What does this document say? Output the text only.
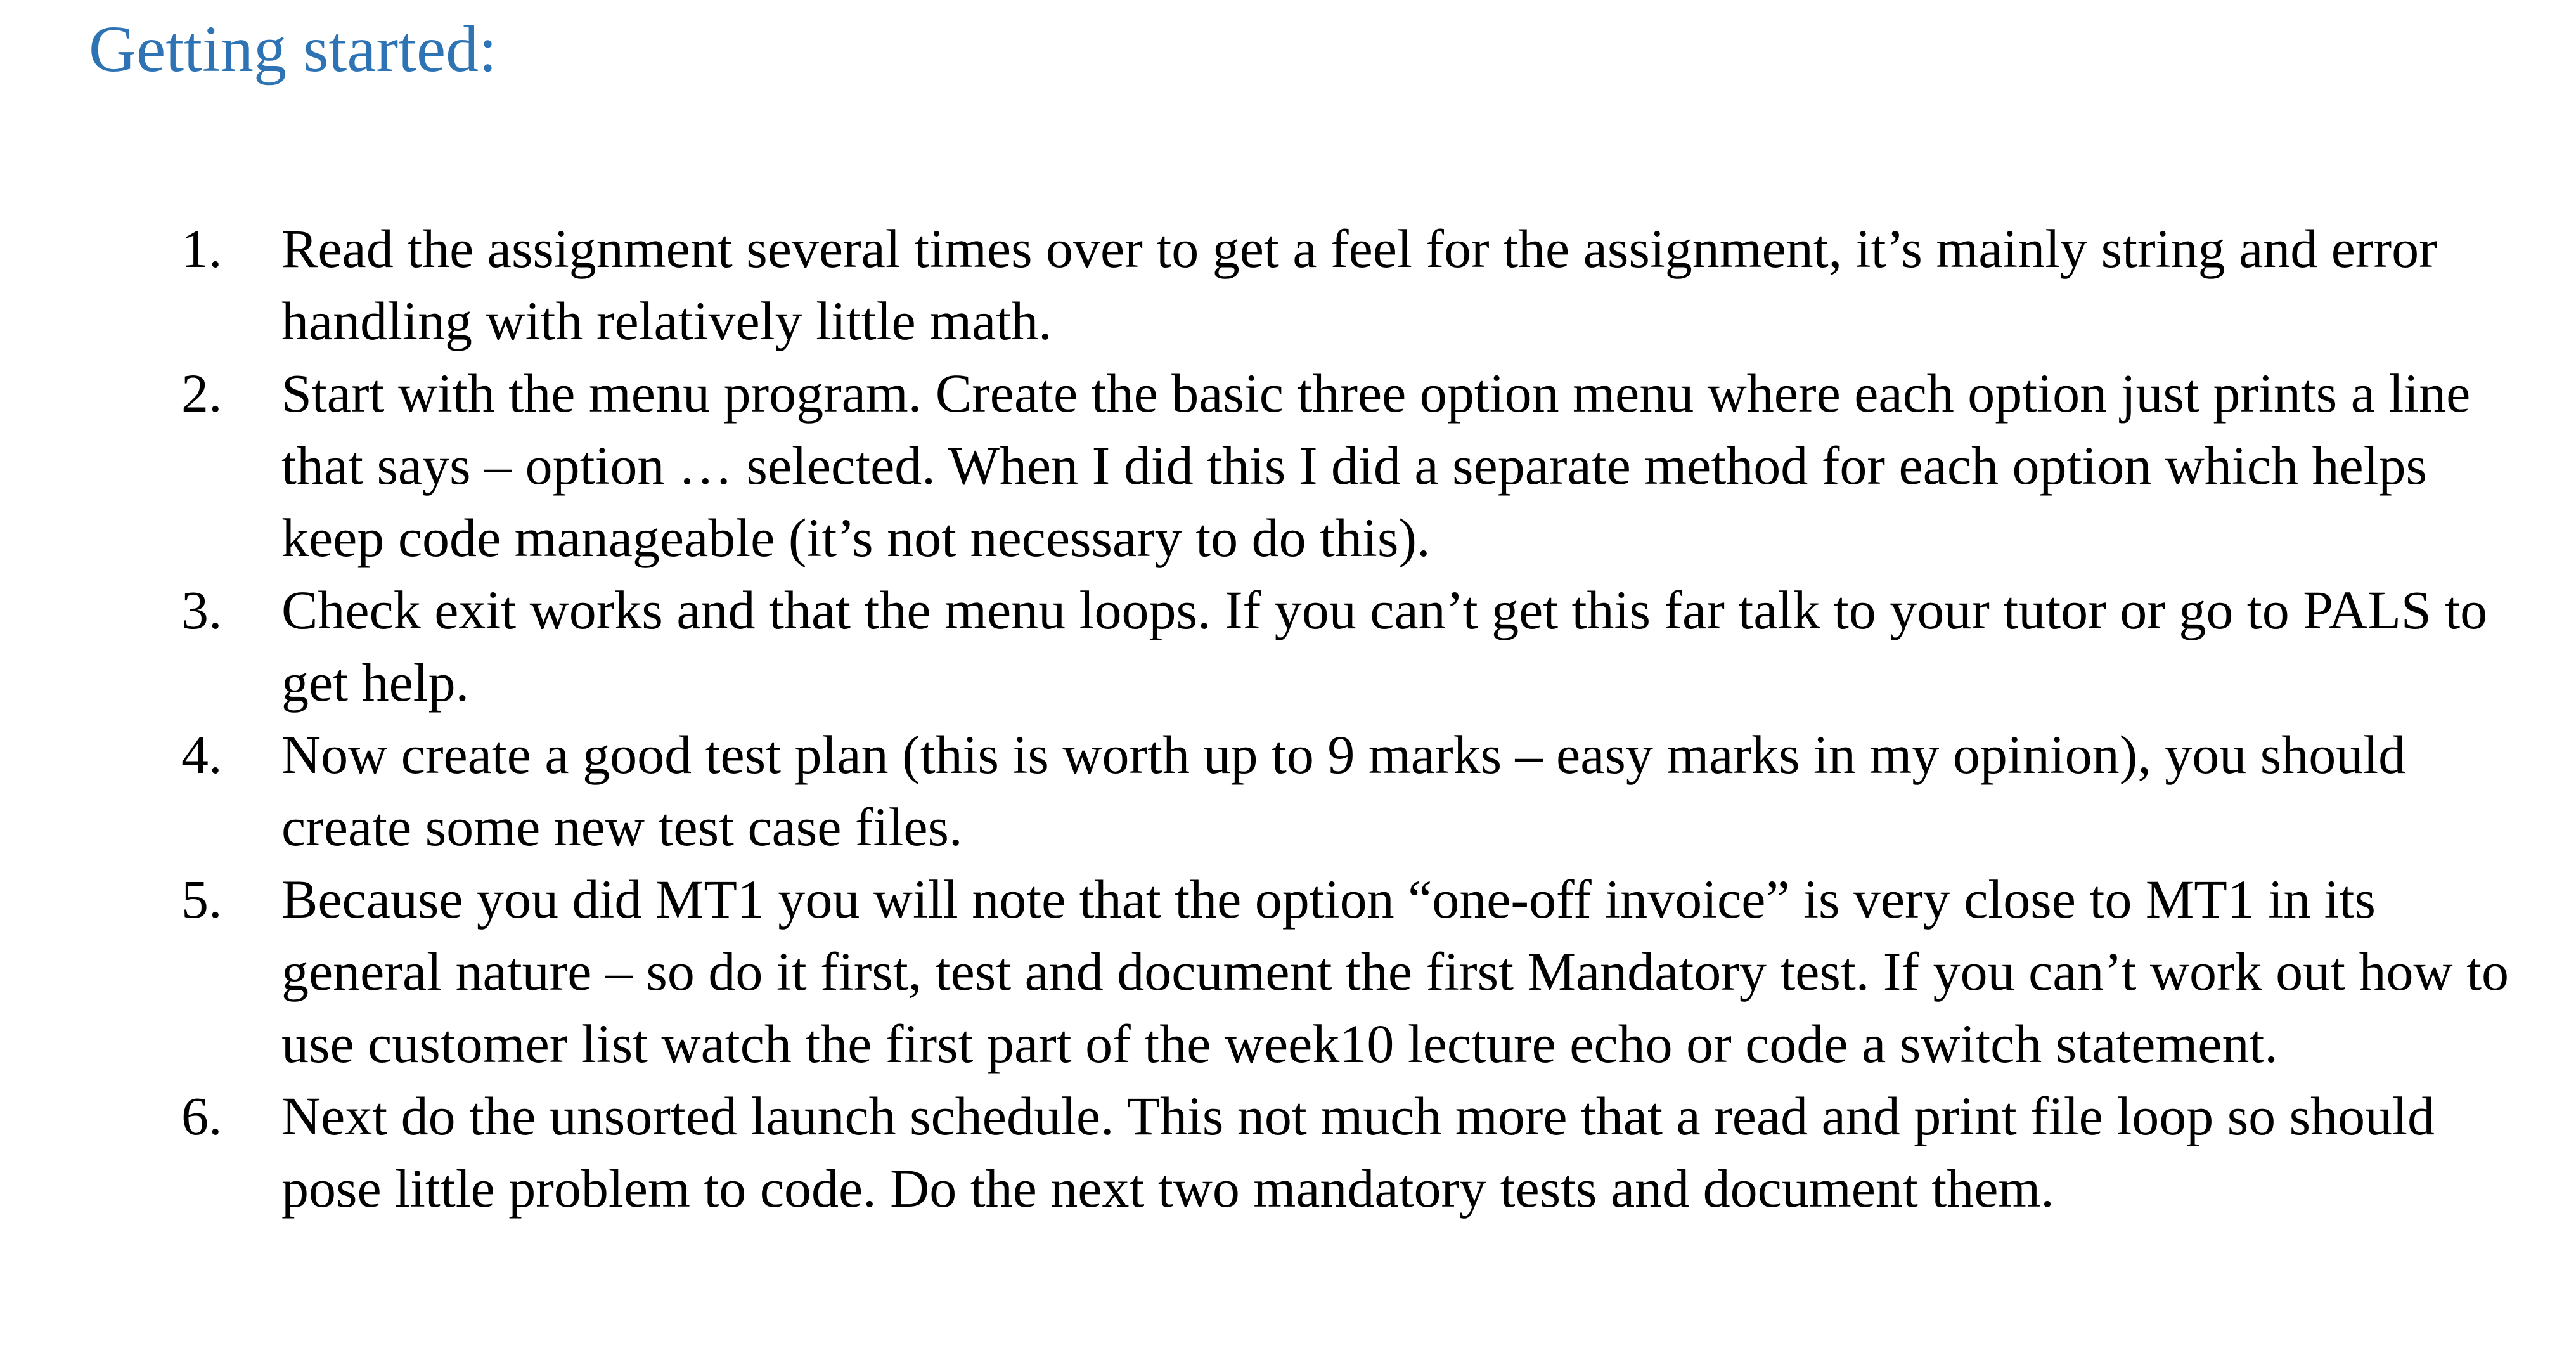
Getting started:
1. Read the assignment several times over to get a feel for the assignment, it’s mainly string and error handling with relatively little math.
2. Start with the menu program. Create the basic three option menu where each option just prints a line that says – option … selected. When I did this I did a separate method for each option which helps keep code manageable (it’s not necessary to do this).
3. Check exit works and that the menu loops. If you can’t get this far talk to your tutor or go to PALS to get help.
4. Now create a good test plan (this is worth up to 9 marks – easy marks in my opinion), you should create some new test case files.
5. Because you did MT1 you will note that the option “one-off invoice” is very close to MT1 in its general nature – so do it first, test and document the first Mandatory test. If you can’t work out how to use customer list watch the first part of the week10 lecture echo or code a switch statement.
6. Next do the unsorted launch schedule. This not much more that a read and print file loop so should pose little problem to code. Do the next two mandatory tests and document them.
